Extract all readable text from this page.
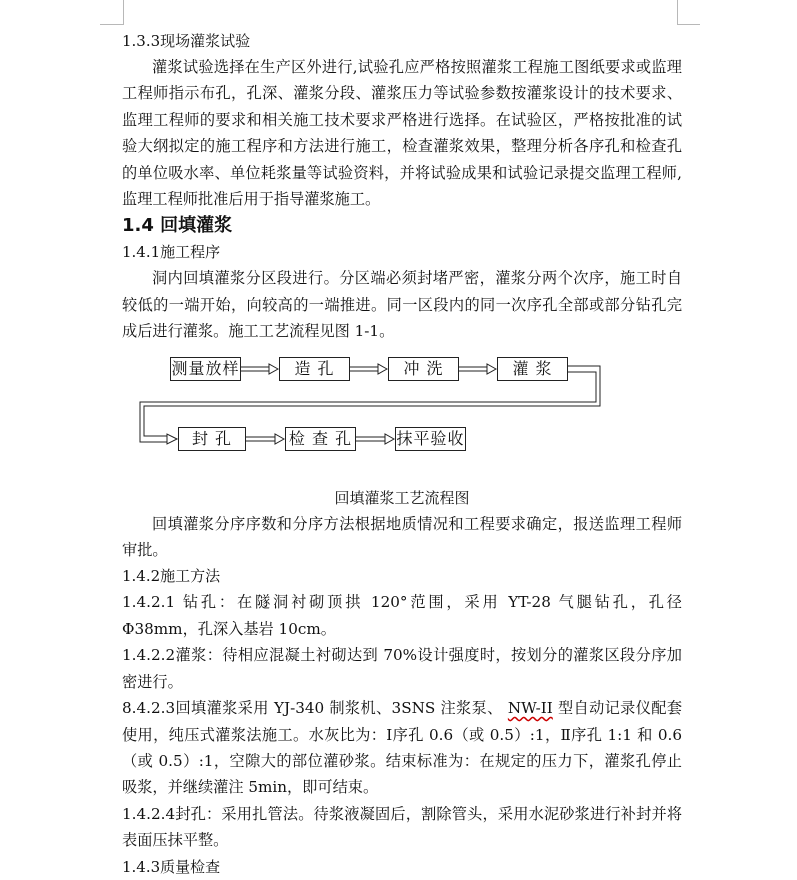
1.3.3现场灌浆试验

灌浆试验选择在生产区外进行,试验孔应严格按照灌浆工程施工图纸要求或监理工程师指示布孔，孔深、灌浆分段、灌浆压力等试验参数按灌浆设计的技术要求、监理工程师的要求和相关施工技术要求严格进行选择。在试验区，严格按批准的试验大纲拟定的施工程序和方法进行施工，检查灌浆效果，整理分析各序孔和检查孔的单位吸水率、单位耗浆量等试验资料，并将试验成果和试验记录提交监理工程师,监理工程师批准后用于指导灌浆施工。

1.4 回填灌浆

1.4.1施工程序

洞内回填灌浆分区段进行。分区端必须封堵严密，灌浆分两个次序，施工时自较低的一端开始，向较高的一端推进。同一区段内的同一次序孔全部或部分钻孔完成后进行灌浆。施工工艺流程见图 1-1。

测量放样	造 孔	冲 洗	灌 浆
封 孔	检 查 孔	抹平验收

回填灌浆工艺流程图

回填灌浆分序序数和分序方法根据地质情况和工程要求确定，报送监理工程师审批。

1.4.2施工方法

1.4.2.1 钻孔：在隧洞衬砌顶拱 120°范围，采用 YT-28 气腿钻孔，孔径Φ38mm，孔深入基岩 10cm。

1.4.2.2灌浆：待相应混凝土衬砌达到 70%设计强度时，按划分的灌浆区段分序加密进行。

8.4.2.3回填灌浆采用 YJ-340 制浆机、3SNS 注浆泵、 NW-II 型自动记录仪配套使用，纯压式灌浆法施工。水灰比为：Ⅰ序孔 0.6（或 0.5）:1，Ⅱ序孔 1:1 和 0.6（或 0.5）:1，空隙大的部位灌砂浆。结束标准为：在规定的压力下，灌浆孔停止吸浆，并继续灌注 5min，即可结束。

1.4.2.4封孔：采用扎管法。待浆液凝固后，割除管头，采用水泥砂浆进行补封并将表面压抹平整。

1.4.3质量检查
